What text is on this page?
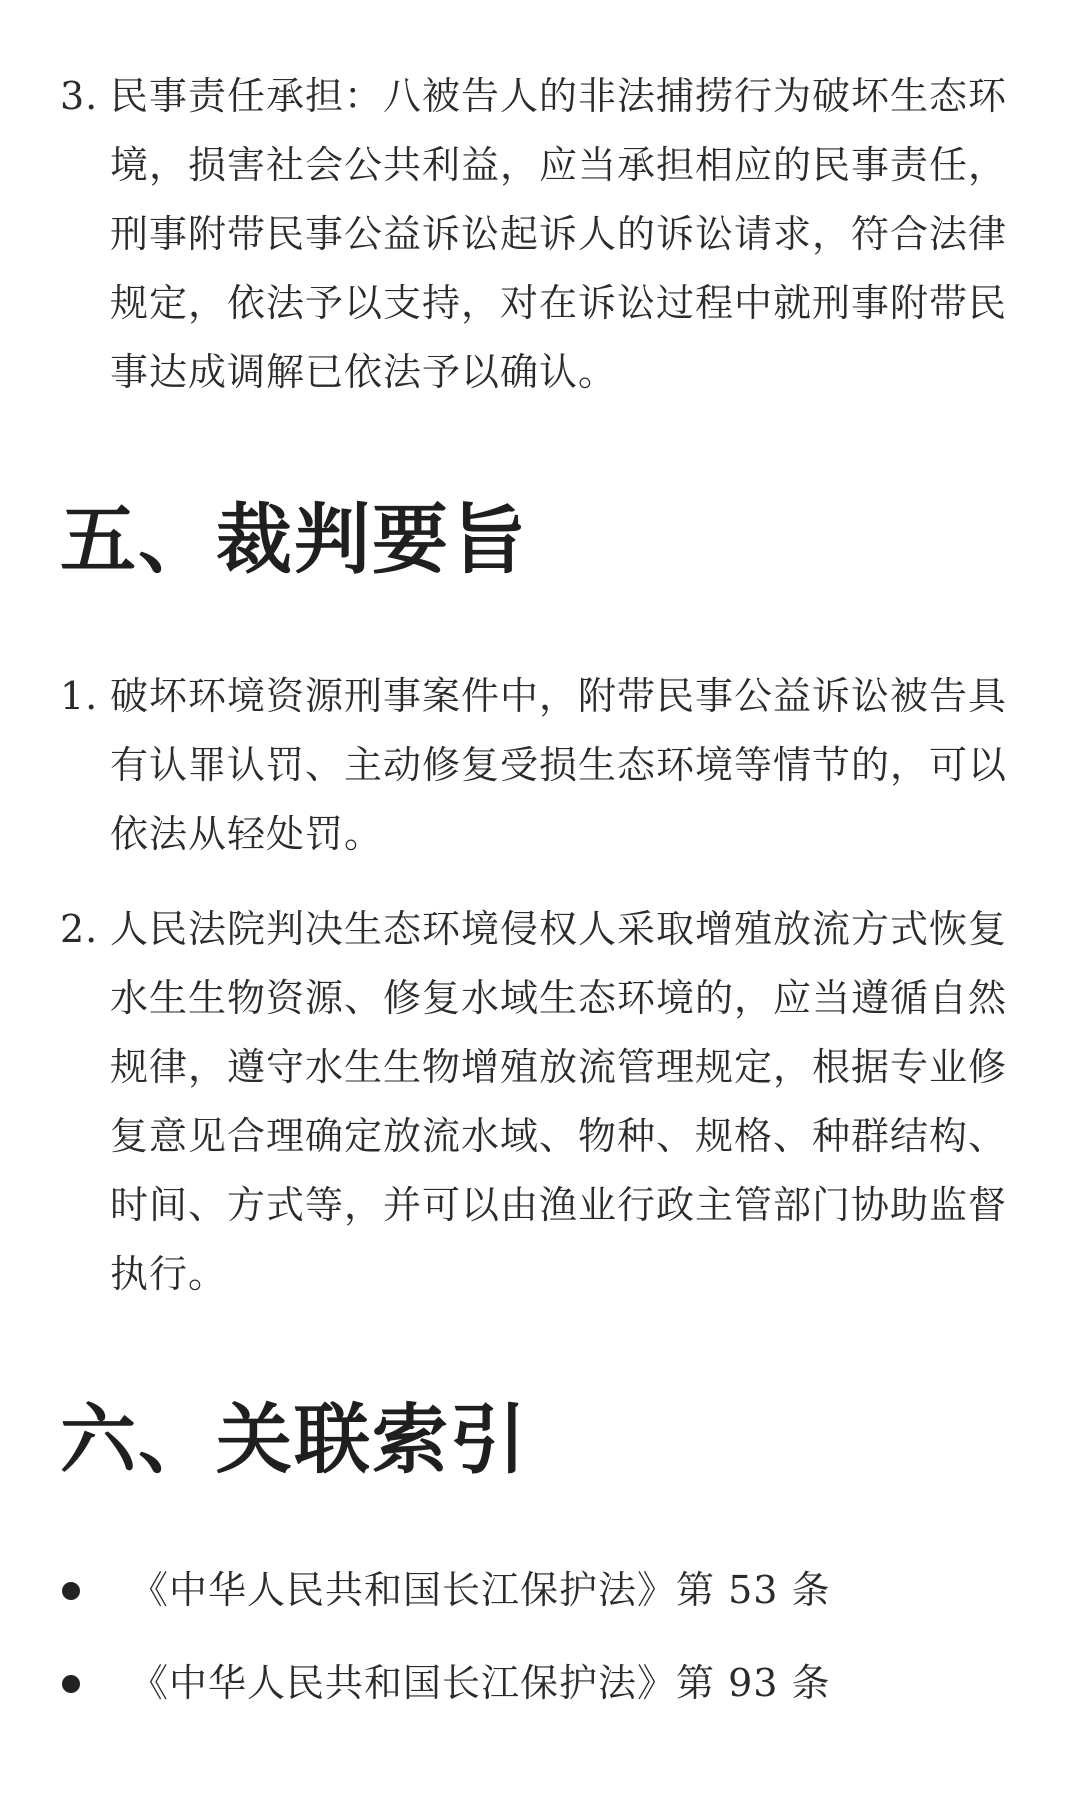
3. 民事责任承担：八被告人的非法捕捞行为破坏生态环境，损害社会公共利益，应当承担相应的民事责任，刑事附带民事公益诉讼起诉人的诉讼请求，符合法律规定，依法予以支持，对在诉讼过程中就刑事附带民事达成调解已依法予以确认。
五、裁判要旨
1. 破坏环境资源刑事案件中，附带民事公益诉讼被告具有认罪认罚、主动修复受损生态环境等情节的，可以依法从轻处罚。
2. 人民法院判决生态环境侵权人采取增殖放流方式恢复水生生物资源、修复水域生态环境的，应当遵循自然规律，遵守水生生物增殖放流管理规定，根据专业修复意见合理确定放流水域、物种、规格、种群结构、时间、方式等，并可以由渔业行政主管部门协助监督执行。
六、关联索引
《中华人民共和国长江保护法》第 53 条
《中华人民共和国长江保护法》第 93 条
